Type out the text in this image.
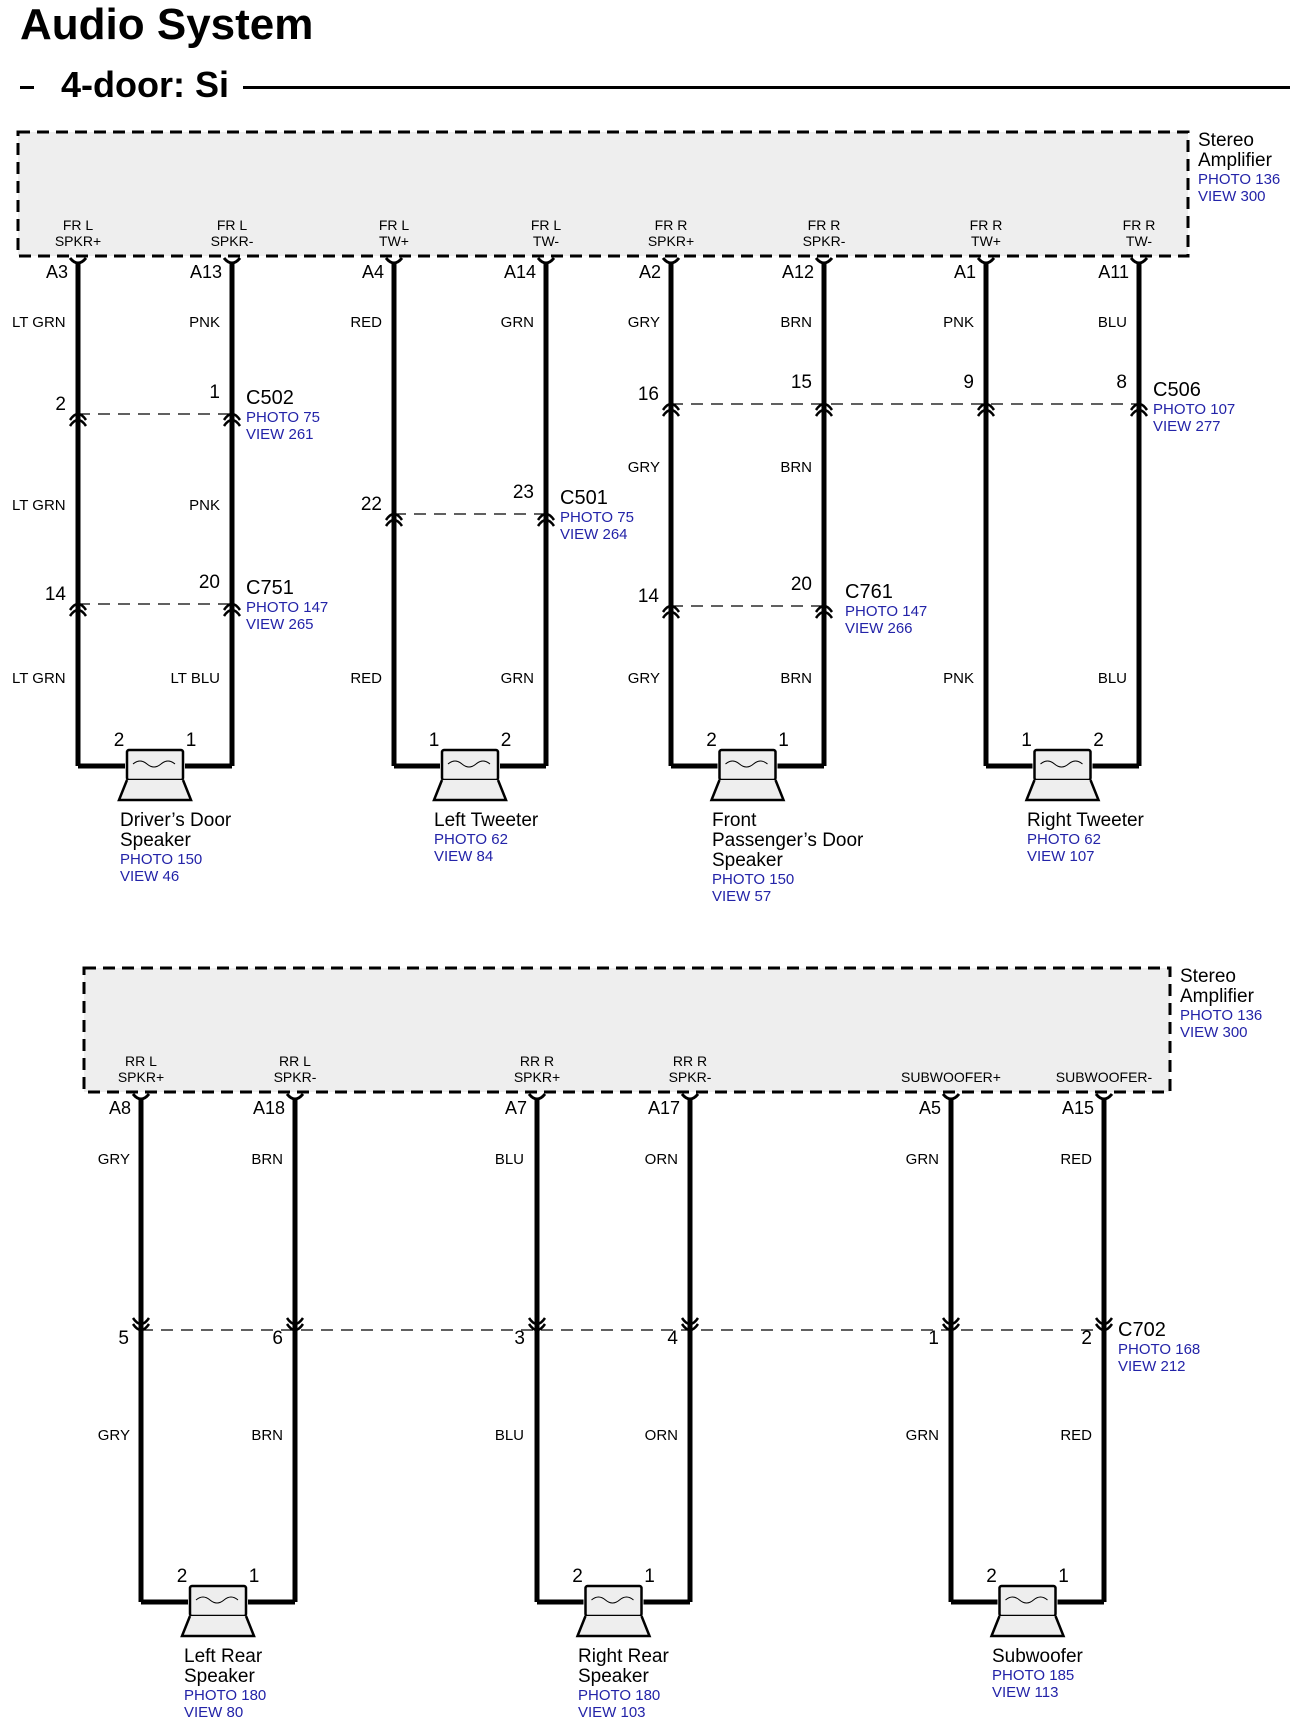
Audio System
4-door: Si
Stereo
Amplifier
PHOTO 136
VIEW 300
Stereo
Amplifier
PHOTO 136
VIEW 300
FR L
SPKR+
A3
LT GRN
LT GRN
LT GRN
FR L
SPKR-
A13
PNK
PNK
LT BLU
FR L
TW+
A4
RED
RED
FR L
TW-
A14
GRN
GRN
FR R
SPKR+
A2
GRY
GRY
GRY
FR R
SPKR-
A12
BRN
BRN
BRN
FR R
TW+
A1
PNK
PNK
FR R
TW-
A11
BLU
BLU
RR L
SPKR+
A8
GRY
GRY
RR L
SPKR-
A18
BRN
BRN
RR R
SPKR+
A7
BLU
BLU
RR R
SPKR-
A17
ORN
ORN
SUBWOOFER+
A5
GRN
GRN
SUBWOOFER-
A15
RED
RED
2
1 C502
PHOTO 75
VIEW 261
14
20 C751
PHOTO 147
VIEW 265
22
23 C501
PHOTO 75
VIEW 264
16
15	9	8 C506
PHOTO 107
VIEW 277
14
20 C761
PHOTO 147
VIEW 266
5	6	3	4	1	2 C702
PHOTO 168
VIEW 212
2	1
Driver’s Door
Speaker
PHOTO 150
VIEW 46
1	2
Left Tweeter
PHOTO 62
VIEW 84
2	1
Front
Passenger’s Door
Speaker
PHOTO 150
VIEW 57
1	2
Right Tweeter
PHOTO 62
VIEW 107
2	1
Left Rear
Speaker
PHOTO 180
VIEW 80
2	1
Right Rear
Speaker
PHOTO 180
VIEW 103
2	1
Subwoofer
PHOTO 185
VIEW 113
